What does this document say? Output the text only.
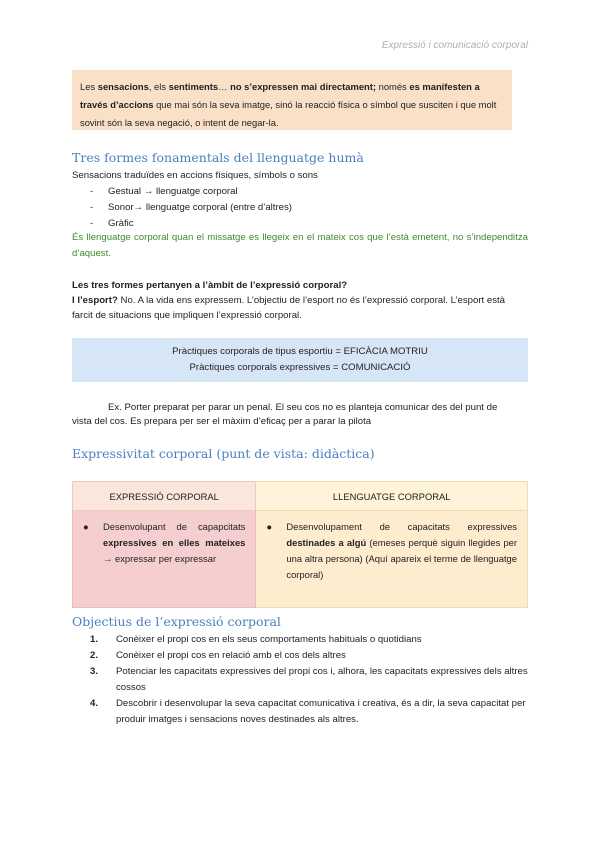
Expressió i comunicació corporal
Les sensacions, els sentiments… no s’expressen mai directament; només es manifesten a través d’accions que mai són la seva imatge, sinó la reacció física o símbol que susciten i que molt sovint són la seva negació, o intent de negar-la.
Tres formes fonamentals del llenguatge humà
Sensacions traduïdes en accions físiques, símbols o sons
- Gestual → llenguatge corporal
- Sonor→ llenguatge corporal (entre d’altres)
- Gràfic
És llenguatge corporal quan el missatge es llegeix en el mateix cos que l’està emetent, no s’independitza d’aquest.
Les tres formes pertanyen a l’àmbit de l’expressió corporal?
I l’esport? No. A la vida ens expressem. L’objectiu de l’esport no és l’expressió corporal. L’esport està
farcit de situacions que impliquen l’expressió corporal.
Pràctiques corporals de tipus esportiu = EFICÀCIA MOTRIU
Pràctiques corporals expressives = COMUNICACIÓ
Ex. Porter preparat per parar un penal. El seu cos no es planteja comunicar des del punt de
vista del cos. Es prepara per ser el màxim d’eficaç per a parar la pilota
Expressivitat corporal (punt de vista: didàctica)
EXPRESSIÓ CORPORAL	LLENGUATGE CORPORAL

● Desenvolupant de capapcitats expressives en elles mateixes → expressar per expressar	● Desenvolupament de capacitats expressives destinades a algú (emeses perquè siguin llegides per una altra persona) (Aquí apareix el terme de llenguatge corporal)
Objectius de l’expressió corporal
1.	Conèixer el propi cos en els seus comportaments habituals o quotidians
2.	Conèixer el propi cos en relació amb el cos dels altres
3.	Potenciar les capacitats expressives del propi cos i, alhora, les capacitats expressives dels altres cossos
4.	Descobrir i desenvolupar la seva capacitat comunicativa i creativa, és a dir, la seva capacitat per produir imatges i sensacions noves destinades als altres.
